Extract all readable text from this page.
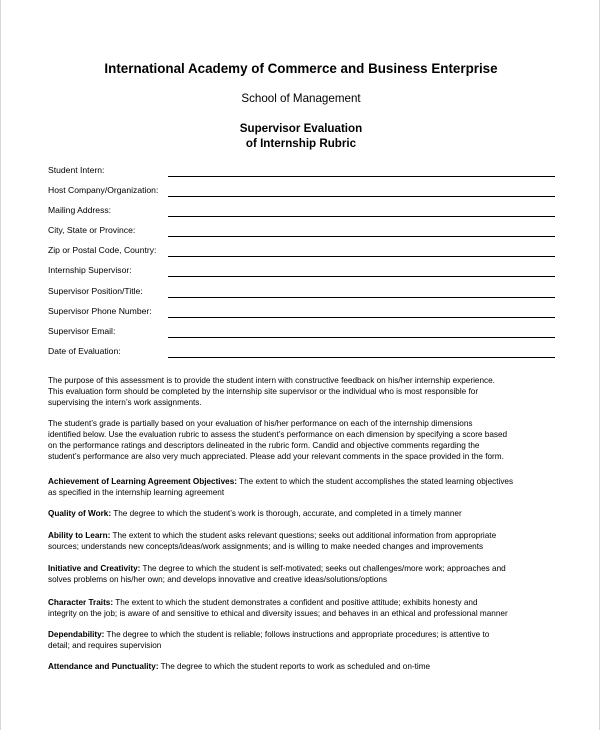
International Academy of Commerce and Business Enterprise
School of Management
Supervisor Evaluation
of Internship Rubric
Student Intern:
Host Company/Organization:
Mailing Address:
City, State or Province:
Zip or Postal Code, Country:
Internship Supervisor:
Supervisor Position/Title:
Supervisor Phone Number:
Supervisor Email:
Date of Evaluation:

The purpose of this assessment is to provide the student intern with constructive feedback on his/her internship experience.
This evaluation form should be completed by the internship site supervisor or the individual who is most responsible for
supervising the intern’s work assignments.

The student’s grade is partially based on your evaluation of his/her performance on each of the internship dimensions
identified below. Use the evaluation rubric to assess the student’s performance on each dimension by specifying a score based
on the performance ratings and descriptors delineated in the rubric form. Candid and objective comments regarding the
student’s performance are also very much appreciated. Please add your relevant comments in the space provided in the form.

Achievement of Learning Agreement Objectives: The extent to which the student accomplishes the stated learning objectives
as specified in the internship learning agreement

Quality of Work: The degree to which the student’s work is thorough, accurate, and completed in a timely manner

Ability to Learn: The extent to which the student asks relevant questions; seeks out additional information from appropriate
sources; understands new concepts/ideas/work assignments; and is willing to make needed changes and improvements

Initiative and Creativity: The degree to which the student is self-motivated; seeks out challenges/more work; approaches and
solves problems on his/her own; and develops innovative and creative ideas/solutions/options

Character Traits: The extent to which the student demonstrates a confident and positive attitude; exhibits honesty and
integrity on the job; is aware of and sensitive to ethical and diversity issues; and behaves in an ethical and professional manner

Dependability: The degree to which the student is reliable; follows instructions and appropriate procedures; is attentive to
detail; and requires supervision

Attendance and Punctuality: The degree to which the student reports to work as scheduled and on-time
